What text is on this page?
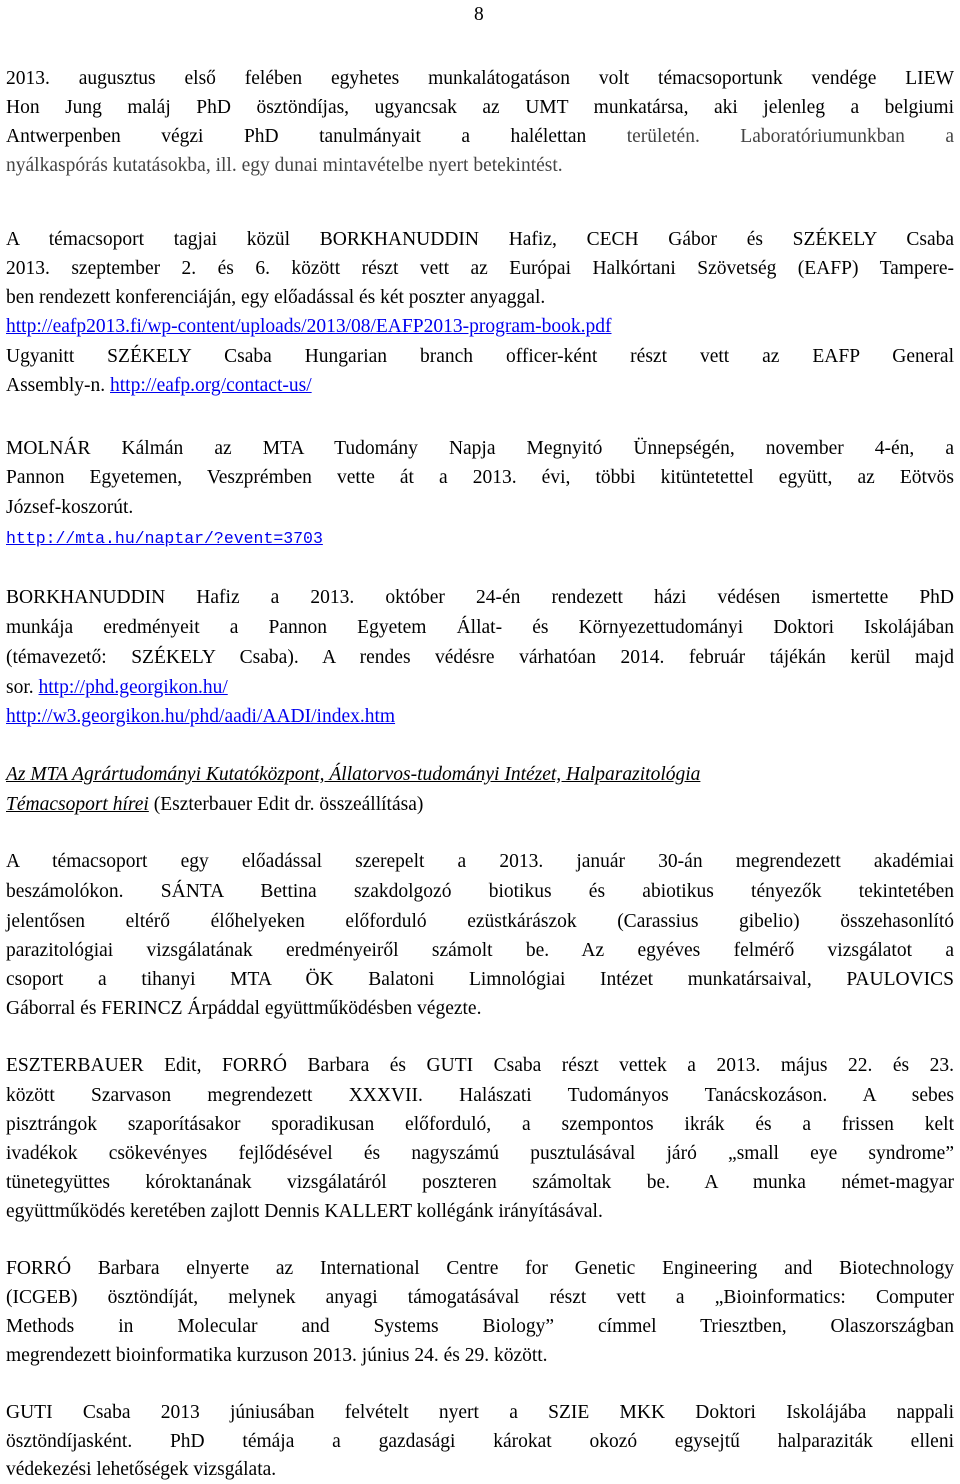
8
2013. augusztus első felében egyhetes munkalátogatáson volt témacsoportunk vendége LIEW
Hon Jung maláj PhD ösztöndíjas, ugyancsak az UMT munkatársa, aki jelenleg a belgiumi
Antwerpenben végzi PhD tanulmányait a halélettan területén. Laboratóriumunkban a
nyálkaspórás kutatásokba, ill. egy dunai mintavételbe nyert betekintést.
A témacsoport tagjai közül BORKHANUDDIN Hafiz, CECH Gábor és SZÉKELY Csaba
2013. szeptember 2. és 6. között részt vett az Európai Halkórtani Szövetség (EAFP) Tampere-
ben rendezett konferenciáján, egy előadással és két poszter anyaggal.
http://eafp2013.fi/wp-content/uploads/2013/08/EAFP2013-program-book.pdf
Ugyanitt SZÉKELY Csaba Hungarian branch officer-ként részt vett az EAFP General
Assembly-n. http://eafp.org/contact-us/
MOLNÁR Kálmán az MTA Tudomány Napja Megnyitó Ünnepségén, november 4-én, a
Pannon Egyetemen, Veszprémben vette át a 2013. évi, többi kitüntetettel együtt, az Eötvös
József-koszorút.
http://mta.hu/naptar/?event=3703
BORKHANUDDIN Hafiz a 2013. október 24-én rendezett házi védésen ismertette PhD
munkája eredményeit a Pannon Egyetem Állat- és Környezettudományi Doktori Iskolájában
(témavezető: SZÉKELY Csaba). A rendes védésre várhatóan 2014. február tájékán kerül majd
sor. http://phd.georgikon.hu/
http://w3.georgikon.hu/phd/aadi/AADI/index.htm
Az MTA Agrártudományi Kutatóközpont, Állatorvos-tudományi Intézet, Halparazitológia
Témacsoport hírei (Eszterbauer Edit dr. összeállítása)
A témacsoport egy előadással szerepelt a 2013. január 30-án megrendezett akadémiai
beszámolókon. SÁNTA Bettina szakdolgozó biotikus és abiotikus tényezők tekintetében
jelentősen eltérő élőhelyeken előforduló ezüstkárászok (Carassius gibelio) összehasonlító
parazitológiai vizsgálatának eredményeiről számolt be. Az egyéves felmérő vizsgálatot a
csoport a tihanyi MTA ÖK Balatoni Limnológiai Intézet munkatársaival, PAULOVICS
Gáborral és FERINCZ Árpáddal együttműködésben végezte.
ESZTERBAUER Edit, FORRÓ Barbara és GUTI Csaba részt vettek a 2013. május 22. és 23.
között Szarvason megrendezett XXXVII. Halászati Tudományos Tanácskozáson. A sebes
pisztrángok szaporításakor sporadikusan előforduló, a szempontos ikrák és a frissen kelt
ivadékok csökevényes fejlődésével és nagyszámú pusztulásával járó „small eye syndrome”
tünetegyüttes kóroktanának vizsgálatáról poszteren számoltak be. A munka német-magyar
együttműködés keretében zajlott Dennis KALLERT kollégánk irányításával.
FORRÓ Barbara elnyerte az International Centre for Genetic Engineering and Biotechnology
(ICGEB) ösztöndíját, melynek anyagi támogatásával részt vett a „Bioinformatics: Computer
Methods in Molecular and Systems Biology” címmel Triesztben, Olaszországban
megrendezett bioinformatika kurzuson 2013. június 24. és 29. között.
GUTI Csaba 2013 júniusában felvételt nyert a SZIE MKK Doktori Iskolájába nappali
ösztöndíjasként. PhD témája a gazdasági károkat okozó egysejtű halparaziták elleni
védekezési lehetőségek vizsgálata.
